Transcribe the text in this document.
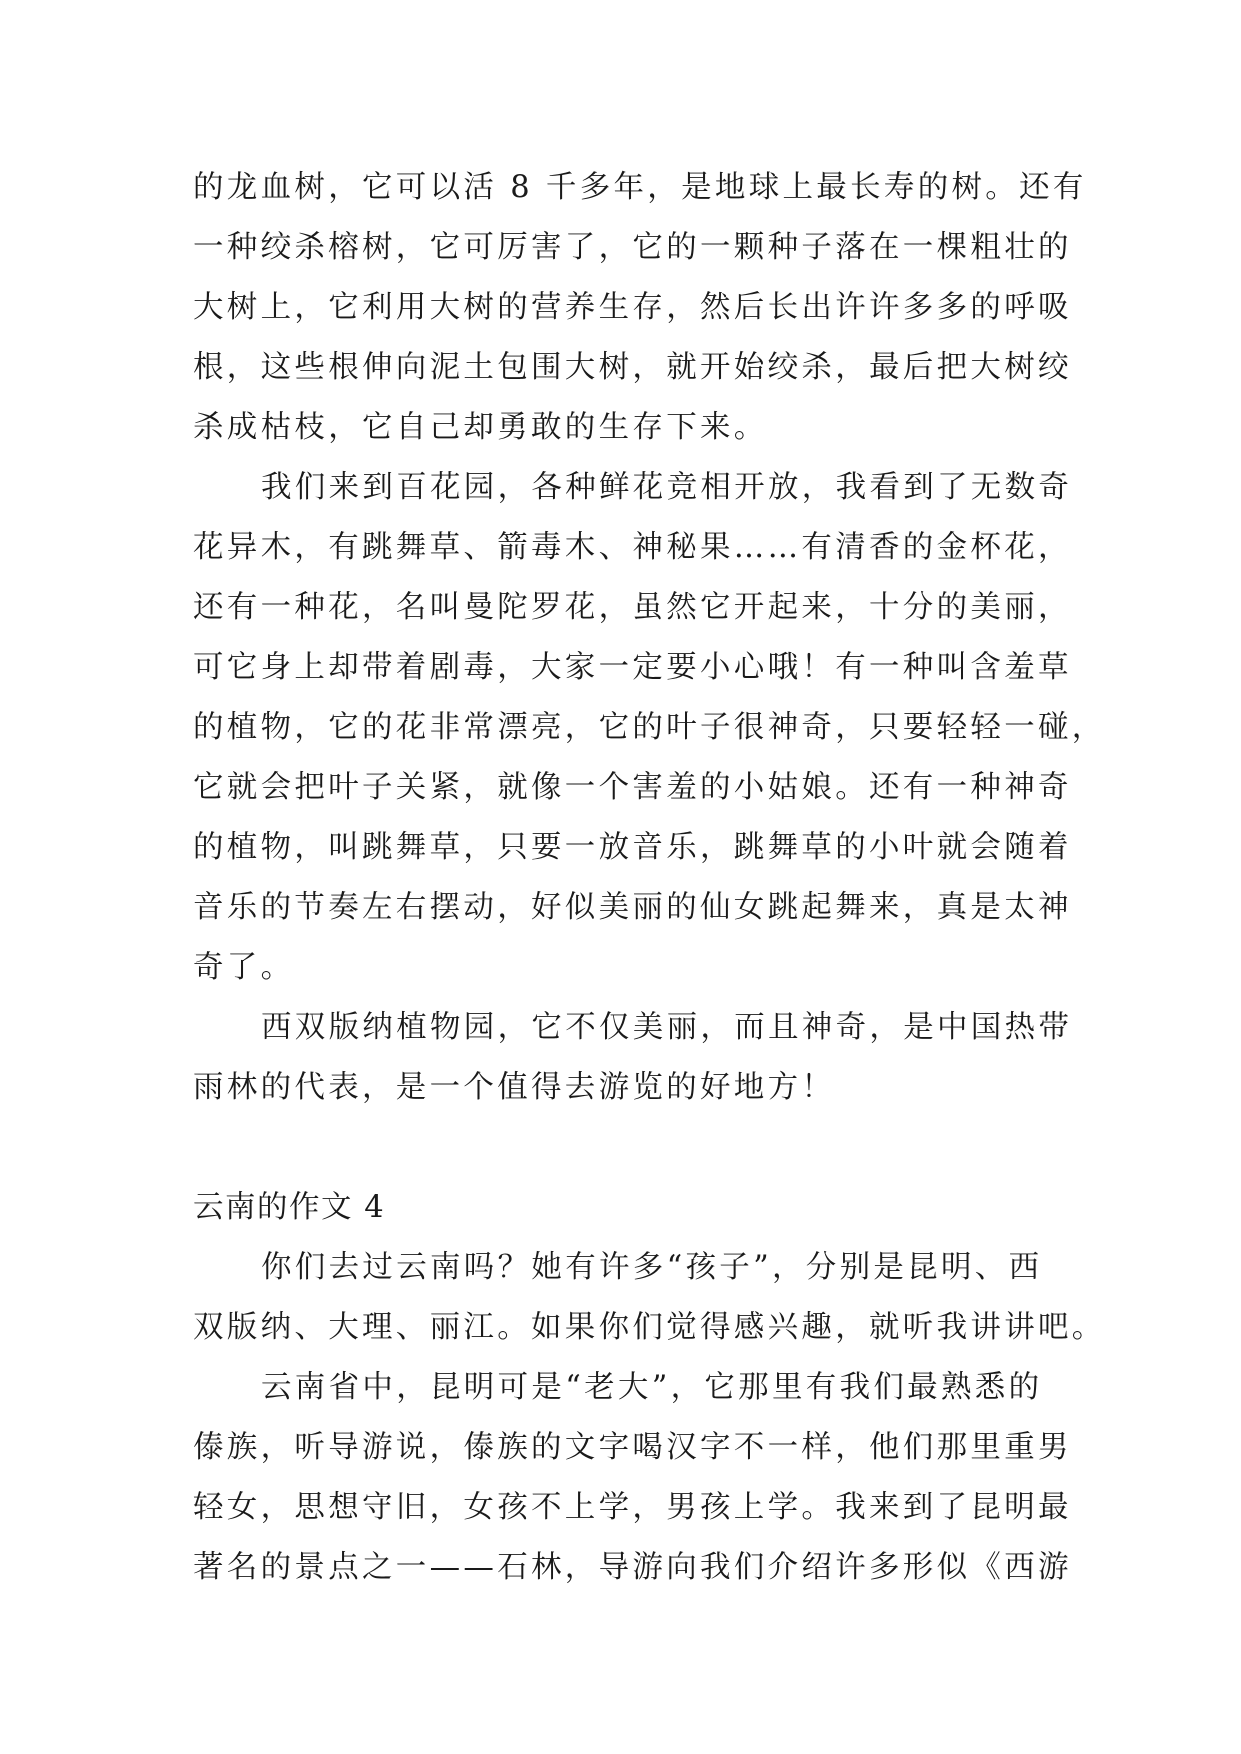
的龙血树，它可以活 8 千多年，是地球上最长寿的树。还有
一种绞杀榕树，它可厉害了，它的一颗种子落在一棵粗壮的
大树上，它利用大树的营养生存，然后长出许许多多的呼吸
根，这些根伸向泥土包围大树，就开始绞杀，最后把大树绞
杀成枯枝，它自己却勇敢的生存下来。
我们来到百花园，各种鲜花竞相开放，我看到了无数奇
花异木，有跳舞草、箭毒木、神秘果……有清香的金杯花，
还有一种花，名叫曼陀罗花，虽然它开起来，十分的美丽，
可它身上却带着剧毒，大家一定要小心哦！有一种叫含羞草
的植物，它的花非常漂亮，它的叶子很神奇，只要轻轻一碰，
它就会把叶子关紧，就像一个害羞的小姑娘。还有一种神奇
的植物，叫跳舞草，只要一放音乐，跳舞草的小叶就会随着
音乐的节奏左右摆动，好似美丽的仙女跳起舞来，真是太神
奇了。
西双版纳植物园，它不仅美丽，而且神奇，是中国热带
雨林的代表，是一个值得去游览的好地方！
云南的作文 4
你们去过云南吗？她有许多“孩子”，分别是昆明、西
双版纳、大理、丽江。如果你们觉得感兴趣，就听我讲讲吧。
云南省中，昆明可是“老大”，它那里有我们最熟悉的
傣族，听导游说，傣族的文字喝汉字不一样，他们那里重男
轻女，思想守旧，女孩不上学，男孩上学。我来到了昆明最
著名的景点之一——石林，导游向我们介绍许多形似《西游
